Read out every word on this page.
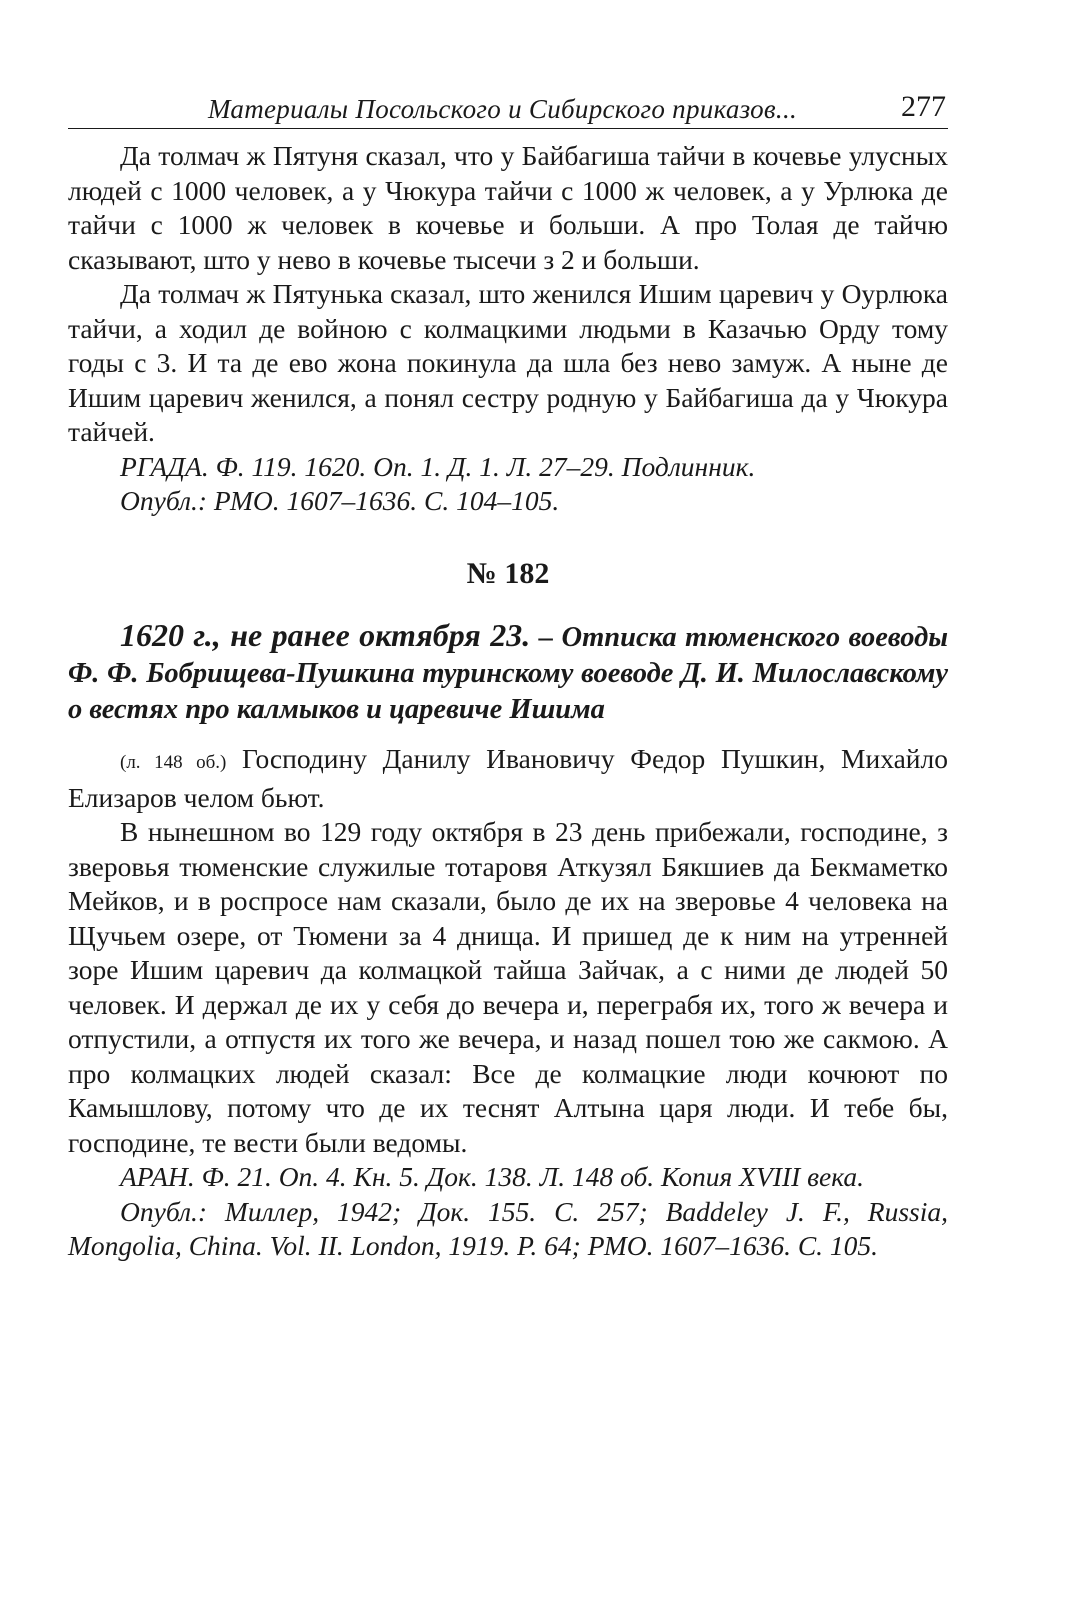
Материалы Посольского и Сибирского приказов...	277

Да толмач ж Пятуня сказал, что у Байбагиша тайчи в кочевье улусных людей с 1000 человек, а у Чюкура тайчи с 1000 ж человек, а у Урлюка де тайчи с 1000 ж человек в кочевье и больши. А про Толая де тайчю сказывают, што у нево в кочевье тысечи з 2 и больши.

Да толмач ж Пятунька сказал, што женился Ишим царевич у Оурлюка тайчи, а ходил де войною с колмацкими людьми в Казачью Орду тому годы с 3. И та де ево жона покинула да шла без нево замуж. А ныне де Ишим царевич женился, а понял сестру родную у Байбагиша да у Чюкура тайчей.

РГАДА. Ф. 119. 1620. Оп. 1. Д. 1. Л. 27–29. Подлинник.

Опубл.: РМО. 1607–1636. С. 104–105.

№ 182

1620 г., не ранее октября 23. – Отписка тюменского воеводы Ф. Ф. Бобрищева-Пушкина туринскому воеводе Д. И. Милославскому о вестях про калмыков и царевиче Ишима

(л. 148 об.) Господину Данилу Ивановичу Федор Пушкин, Михайло Елизаров челом бьют.

В нынешном во 129 году октября в 23 день прибежали, господине, з зверовья тюменские служилые тотаровя Аткузял Бякшиев да Бекмаметко Мейков, и в роспросе нам сказали, было де их на зверовье 4 человека на Щучьем озере, от Тюмени за 4 днища. И пришед де к ним на утренней зоре Ишим царевич да колмацкой тайша Зайчак, а с ними де людей 50 человек. И держал де их у себя до вечера и, переграбя их, того ж вечера и отпустили, а отпустя их того же вечера, и назад пошел тою же сакмою. А про колмацких людей сказал: Все де колмацкие люди кочюют по Камышлову, потому что де их теснят Алтына царя люди. И тебе бы, господине, те вести были ведомы.

АРАН. Ф. 21. Оп. 4. Кн. 5. Док. 138. Л. 148 об. Копия XVIII века.

Опубл.: Миллер, 1942; Док. 155. С. 257; Baddeley J. F., Russia, Mongolia, China. Vol. II. London, 1919. P. 64; РМО. 1607–1636. С. 105.
